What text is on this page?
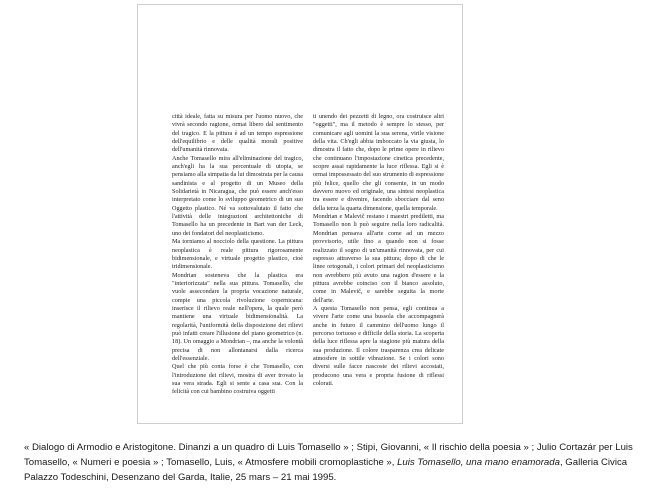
città ideale, fatta su misura per l'uomo nuovo, che vivrà secondo ragione, ormai libero dal sentimento del tragico. E la pittura è ad un tempo espressione dell'equilibrio e delle qualità morali positive dell'umanità rinnovata.

Anche Tomasello mira all'eliminazione del tragico, anch'egli ha la sua percentuale di utopia, se pensiamo alla simpatia da lui dimostrata per la causa sandinista e al progetto di un Museo della Solidarietà in Nicaragua, che può essere anch'esso interpretato come lo sviluppo geometrico di un suo Oggetto plastico. Né va sottovalutato il fatto che l'attività delle integrazioni architettoniche di Tomasello ha un precedente in Bart van der Leck, uno dei fondatori del neoplasticismo.

Ma torniamo al nocciolo della questione. La pittura neoplastica è reale pittura rigorosamente bidimensionale, e virtuale progetto plastico, cioè tridimensionale.

Mondrian sosteneva che la plastica era "interiorizzata" nella sua pittura. Tomasello, che vuole assecondare la propria vocazione naturale, compie una piccola rivoluzione copernicana: inserisce il rilievo reale nell'opera, la quale però mantiene una virtuale bidimensionalità. La regolarità, l'uniformità della disposizione dei rilievi può infatti creare l'illusione del piano geometrico (n. 18). Un omaggio a Mondrian –, ma anche la volontà precisa di non allontanarsi dalla ricerca dell'essenziale.

Quel che più conta forse è che Tomasello, con l'introduzione dei rilievi, mostra di aver trovato la sua vera strada. Egli si sente a casa sua. Con la felicità con cui bambino costruiva oggetti

ti unendo dei pezzetti di legno, ora costruisce altri "oggetti", ma il metodo è sempre lo stesso, per comunicare agli uomini la sua serena, virile visione della vita. Ch'egli abbia imboccato la via giusta, lo dimostra il fatto che, dopo le prime opere in rilievo che continuano l'impostazione cinetica precedente, scopre assai rapidamente la luce riflessa. Egli si è ormai impossessato del suo strumento di espressione più felice, quello che gli consente, in un modo davvero nuovo ed originale, una sintesi neoplastica tra essere e divenire, facendo sbocciare dal seno della terza la quarta dimensione, quella temporale.

Mondrian e Malevič restano i maestri prediletti, ma Tomasello non li può seguire nella loro radicalità. Mondrian pensava all'arte come ad un mezzo provvisorio, utile fino a quando non si fosse realizzato il sogno di un'umanità rinnovata, per cui espresso attraverso la sua pittura; dopo di che le linee ortogonali, i colori primari del neoplasticismo non avrebbero più avuto una ragion d'essere e la pittura avrebbe coinciso con il bianco assoluto, come in Malevič, e sarebbe seguita la morte dell'arte.

A questa Tomasello non pensa, egli continua a vivere l'arte come una bussola che accompagnerà anche in futuro il cammino dell'uomo lungo il percorso tortuoso e difficile della storia. La scoperta della luce riflessa apre la stagione più matura della sua produzione. Il colore trasparenza crea delicate atmosfere in sottile vibrazione. Se i colori sono diversi sulle facce nascoste dei rilievi accostati, producono una vera e propria fusione di riflessi colorati.

« Dialogo di Armodio e Aristogitone. Dinanzi a un quadro di Luis Tomasello » ; Stipi, Giovanni, « Il rischio della poesia » ; Julio Cortazár per Luis Tomasello, « Numeri e poesia » ; Tomasello, Luis, « Atmosfere mobili cromoplastiche », Luis Tomasello, una mano enamorada, Galleria Civica Palazzo Todeschini, Desenzano del Garda, Italie, 25 mars – 21 mai 1995.
